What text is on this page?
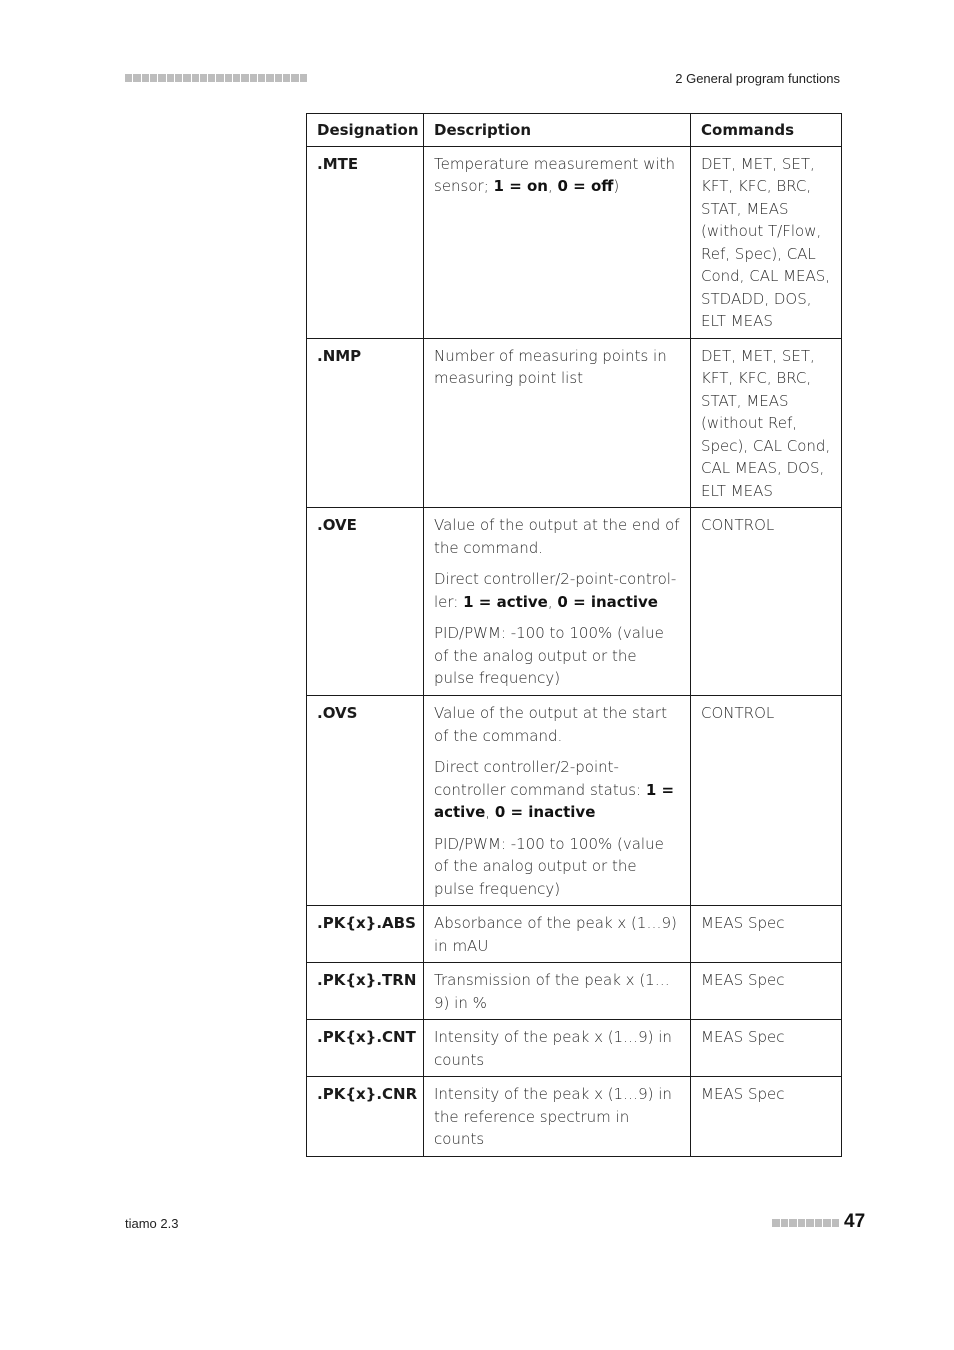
2 General program functions
Designation	Description	Commands
.MTE	Temperature measurement with sensor; 1 = on, 0 = off)	DET, MET, SET, KFT, KFC, BRC, STAT, MEAS (without T/Flow, Ref, Spec), CAL Cond, CAL MEAS, STDADD, DOS, ELT MEAS
.NMP	Number of measuring points in measuring point list	DET, MET, SET, KFT, KFC, BRC, STAT, MEAS (without Ref, Spec), CAL Cond, CAL MEAS, DOS, ELT MEAS
.OVE	Value of the output at the end of the command.

Direct controller/2-point-control-ler: 1 = active, 0 = inactive

PID/PWM: -100 to 100% (value of the analog output or the pulse frequency)	CONTROL
.OVS	Value of the output at the start of the command.

Direct controller/2-point-controller command status: 1 = active, 0 = inactive

PID/PWM: -100 to 100% (value of the analog output or the pulse frequency)	CONTROL
.PK{x}.ABS	Absorbance of the peak x (1…9) in mAU	MEAS Spec
.PK{x}.TRN	Transmission of the peak x (1…9) in %	MEAS Spec
.PK{x}.CNT	Intensity of the peak x (1…9) in counts	MEAS Spec
.PK{x}.CNR	Intensity of the peak x (1…9) in the reference spectrum in counts	MEAS Spec
tiamo 2.3	47
